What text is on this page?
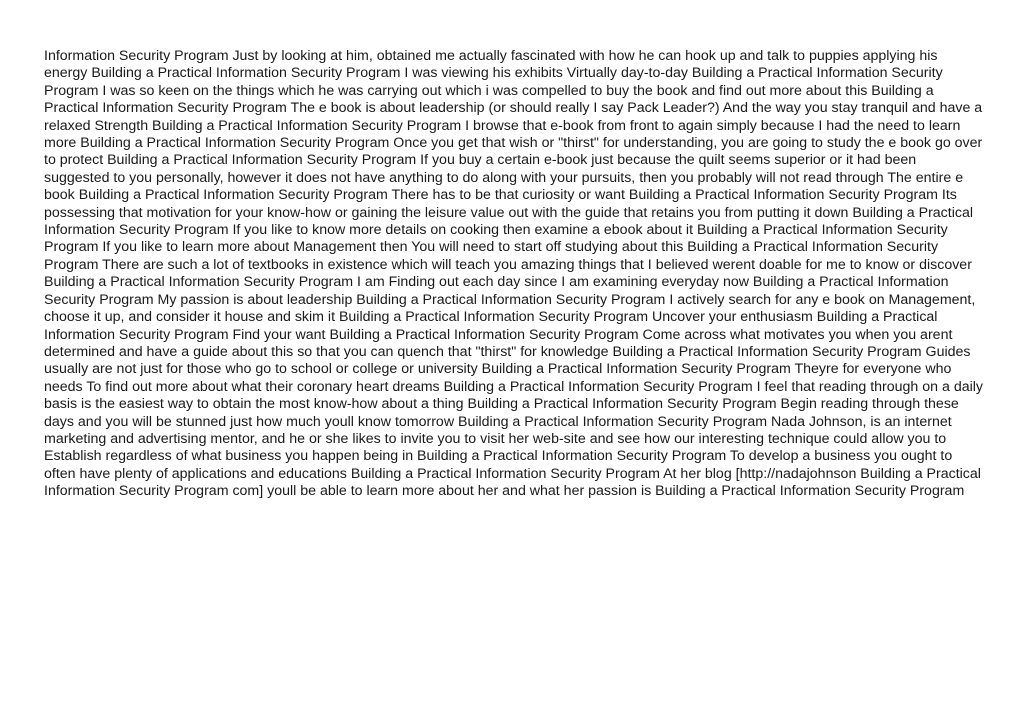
Information Security Program Just by looking at him, obtained me actually fascinated with how he can hook up and talk to puppies applying his energy Building a Practical Information Security Program I was viewing his exhibits Virtually day-to-day Building a Practical Information Security Program I was so keen on the things which he was carrying out which i was compelled to buy the book and find out more about this Building a Practical Information Security Program The e book is about leadership (or should really I say Pack Leader?) And the way you stay tranquil and have a relaxed Strength Building a Practical Information Security Program I browse that e-book from front to again simply because I had the need to learn more Building a Practical Information Security Program Once you get that wish or "thirst" for understanding, you are going to study the e book go over to protect Building a Practical Information Security Program If you buy a certain e-book just because the quilt seems superior or it had been suggested to you personally, however it does not have anything to do along with your pursuits, then you probably will not read through The entire e book Building a Practical Information Security Program There has to be that curiosity or want Building a Practical Information Security Program Its possessing that motivation for your know-how or gaining the leisure value out with the guide that retains you from putting it down Building a Practical Information Security Program If you like to know more details on cooking then examine a ebook about it Building a Practical Information Security Program If you like to learn more about Management then You will need to start off studying about this Building a Practical Information Security Program There are such a lot of textbooks in existence which will teach you amazing things that I believed werent doable for me to know or discover Building a Practical Information Security Program I am Finding out each day since I am examining everyday now Building a Practical Information Security Program My passion is about leadership Building a Practical Information Security Program I actively search for any e book on Management, choose it up, and consider it house and skim it Building a Practical Information Security Program Uncover your enthusiasm Building a Practical Information Security Program Find your want Building a Practical Information Security Program Come across what motivates you when you arent determined and have a guide about this so that you can quench that "thirst" for knowledge Building a Practical Information Security Program Guides usually are not just for those who go to school or college or university Building a Practical Information Security Program Theyre for everyone who needs To find out more about what their coronary heart dreams Building a Practical Information Security Program I feel that reading through on a daily basis is the easiest way to obtain the most know-how about a thing Building a Practical Information Security Program Begin reading through these days and you will be stunned just how much youll know tomorrow Building a Practical Information Security Program Nada Johnson, is an internet marketing and advertising mentor, and he or she likes to invite you to visit her web-site and see how our interesting technique could allow you to Establish regardless of what business you happen being in Building a Practical Information Security Program To develop a business you ought to often have plenty of applications and educations Building a Practical Information Security Program At her blog [http://nadajohnson Building a Practical Information Security Program com] youll be able to learn more about her and what her passion is Building a Practical Information Security Program
